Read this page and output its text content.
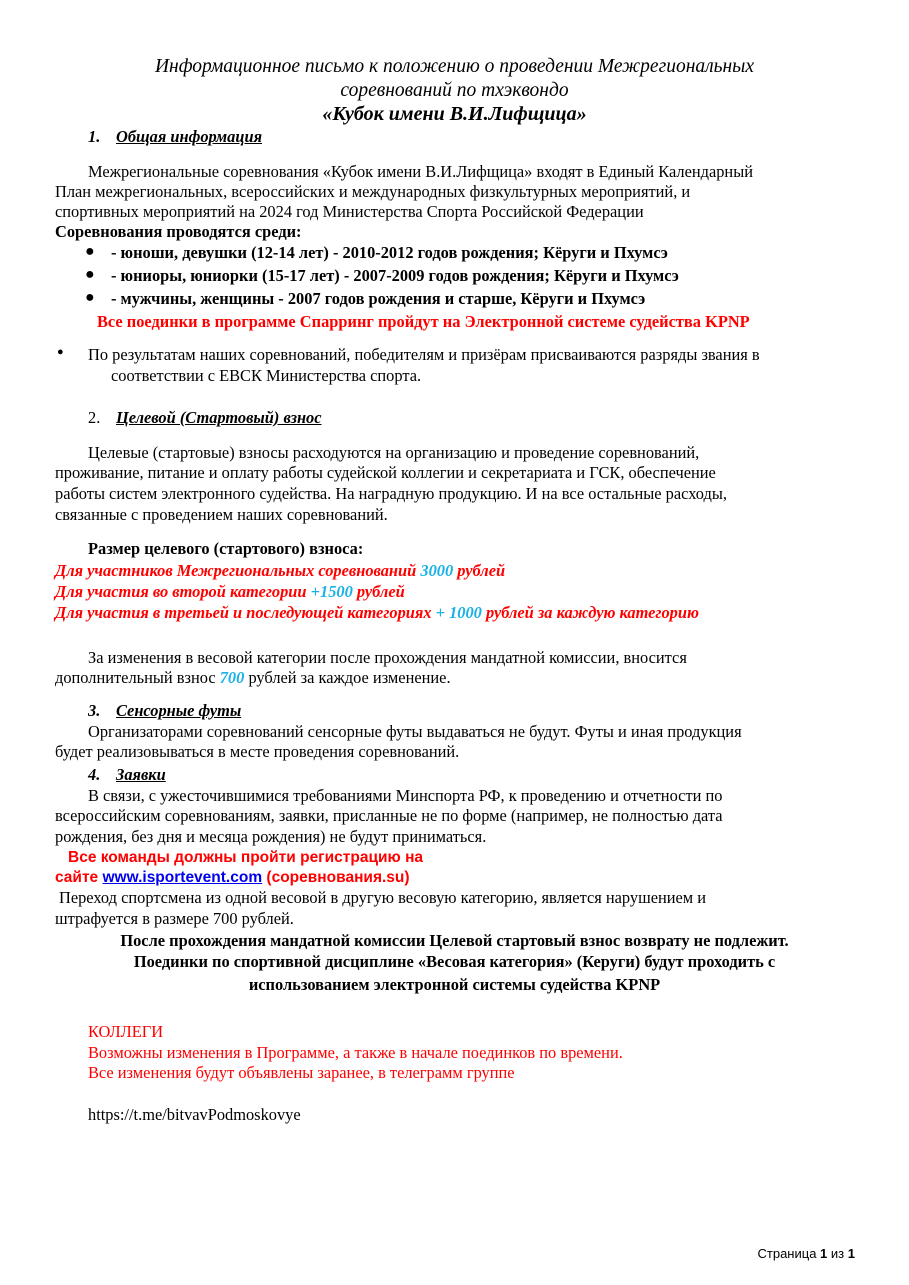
Информационное письмо к положению о проведении Межрегиональных
соревнований по тхэквондо
«Кубок имени В.И.Лифщица»
1. Общая информация
Межрегиональные соревнования «Кубок имени В.И.Лифщица» входят в Единый Календарный
План межрегиональных, всероссийских и международных физкультурных мероприятий, и
спортивных мероприятий на 2024 год Министерства Спорта Российской Федерации
Соревнования проводятся среди:
● - юноши, девушки (12-14 лет) - 2010-2012 годов рождения; Кёруги и Пхумсэ
● - юниоры, юниорки (15-17 лет) - 2007-2009 годов рождения; Кёруги и Пхумсэ
● - мужчины, женщины - 2007 годов рождения и старше, Кёруги и Пхумсэ
Все поединки в программе Спарринг пройдут на Электронной системе судейства KPNP
● По результатам наших соревнований, победителям и призёрам присваиваются разряды звания в
соответствии с ЕВСК Министерства спорта.
2. Целевой (Стартовый) взнос
Целевые (стартовые) взносы расходуются на организацию и проведение соревнований,
проживание, питание и оплату работы судейской коллегии и секретариата и ГСК, обеспечение
работы систем электронного судейства. На наградную продукцию. И на все остальные расходы,
связанные с проведением наших соревнований.
Размер целевого (стартового) взноса:
Для участников Межрегиональных соревнований 3000 рублей
Для участия во второй категории +1500 рублей
Для участия в третьей и последующей категориях + 1000 рублей за каждую категорию
За изменения в весовой категории после прохождения мандатной комиссии, вносится
дополнительный взнос 700 рублей за каждое изменение.
3. Сенсорные футы
Организаторами соревнований сенсорные футы выдаваться не будут. Футы и иная продукция
будет реализовываться в месте проведения соревнований.
4. Заявки
В связи, с ужесточившимися требованиями Минспорта РФ, к проведению и отчетности по
всероссийским соревнованиям, заявки, присланные не по форме (например, не полностью дата
рождения, без дня и месяца рождения) не будут приниматься.
Все команды должны пройти регистрацию на
сайте www.isportevent.com (соревнования.su)
Переход спортсмена из одной весовой в другую весовую категорию, является нарушением и
штрафуется в размере 700 рублей.
После прохождения мандатной комиссии Целевой стартовый взнос возврату не подлежит.
Поединки по спортивной дисциплине «Весовая категория» (Керуги) будут проходить с
использованием электронной системы судейства KPNP
КОЛЛЕГИ
Возможны изменения в Программе, а также в начале поединков по времени.
Все изменения будут объявлены заранее, в телеграмм группе
https://t.me/bitvavPodmoskovye
Страница 1 из 1
